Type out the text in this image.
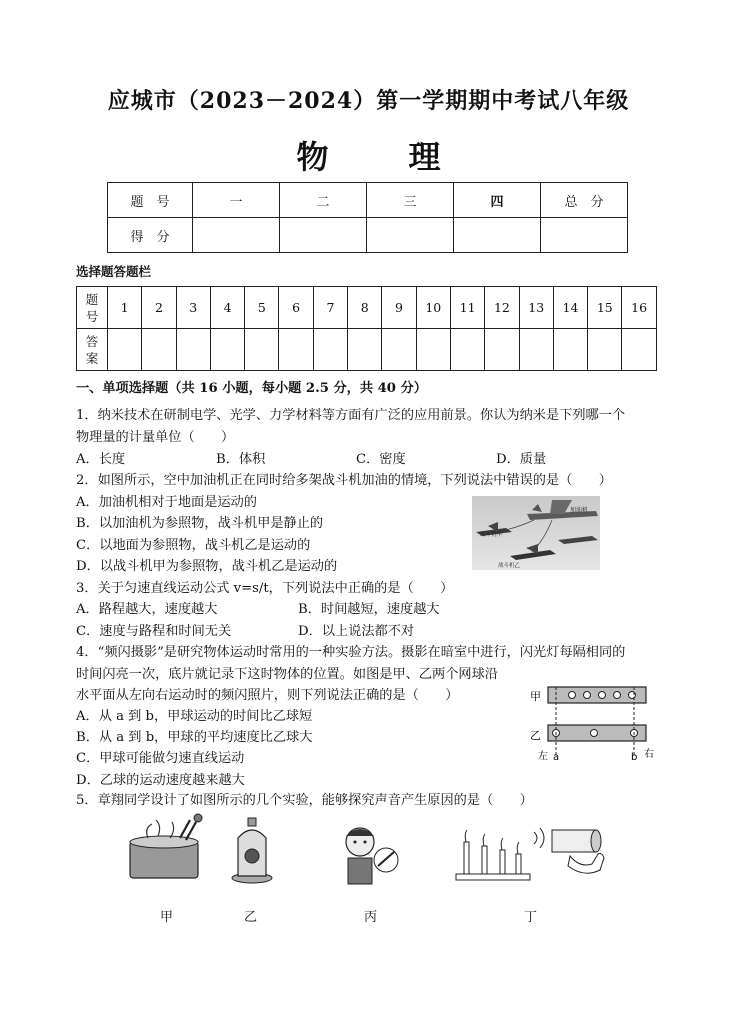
应城市（2023－2024）第一学期期中考试八年级
物　理
题　号	一	二	三	四	总　分
得　分					
选择题答题栏
题号	1	2	3	4	5	6	7	8	9	10	11	12	13	14	15	16
答案																
一、单项选择题（共 16 小题，每小题 2.5 分，共 40 分）
1．纳米技术在研制电学、光学、力学材料等方面有广泛的应用前景。你认为纳米是下列哪一个
物理量的计量单位（　　）
A．长度	B．体积	C．密度	D．质量
2．如图所示，空中加油机正在同时给多架战斗机加油的情境，下列说法中错误的是（　　）
A．加油机相对于地面是运动的
B．以加油机为参照物，战斗机甲是静止的
C．以地面为参照物，战斗机乙是运动的
D．以战斗机甲为参照物，战斗机乙是运动的
加油机
战斗机甲
战斗机乙
3．关于匀速直线运动公式 v=s/t，下列说法中正确的是（　　）
A．路程越大，速度越大	B．时间越短，速度越大
C．速度与路程和时间无关	D．以上说法都不对
4．“频闪摄影”是研究物体运动时常用的一种实验方法。摄影在暗室中进行，闪光灯每隔相同的
时间闪亮一次，底片就记录下这时物体的位置。如图是甲、乙两个网球沿
水平面从左向右运动时的频闪照片，则下列说法正确的是（　　）
A．从 a 到 b，甲球运动的时间比乙球短
B．从 a 到 b，甲球的平均速度比乙球大
C．甲球可能做匀速直线运动
D．乙球的运动速度越来越大
甲
乙
左 a	b 右
5．章翔同学设计了如图所示的几个实验，能够探究声音产生原因的是（　　）
甲	乙	丙	丁
